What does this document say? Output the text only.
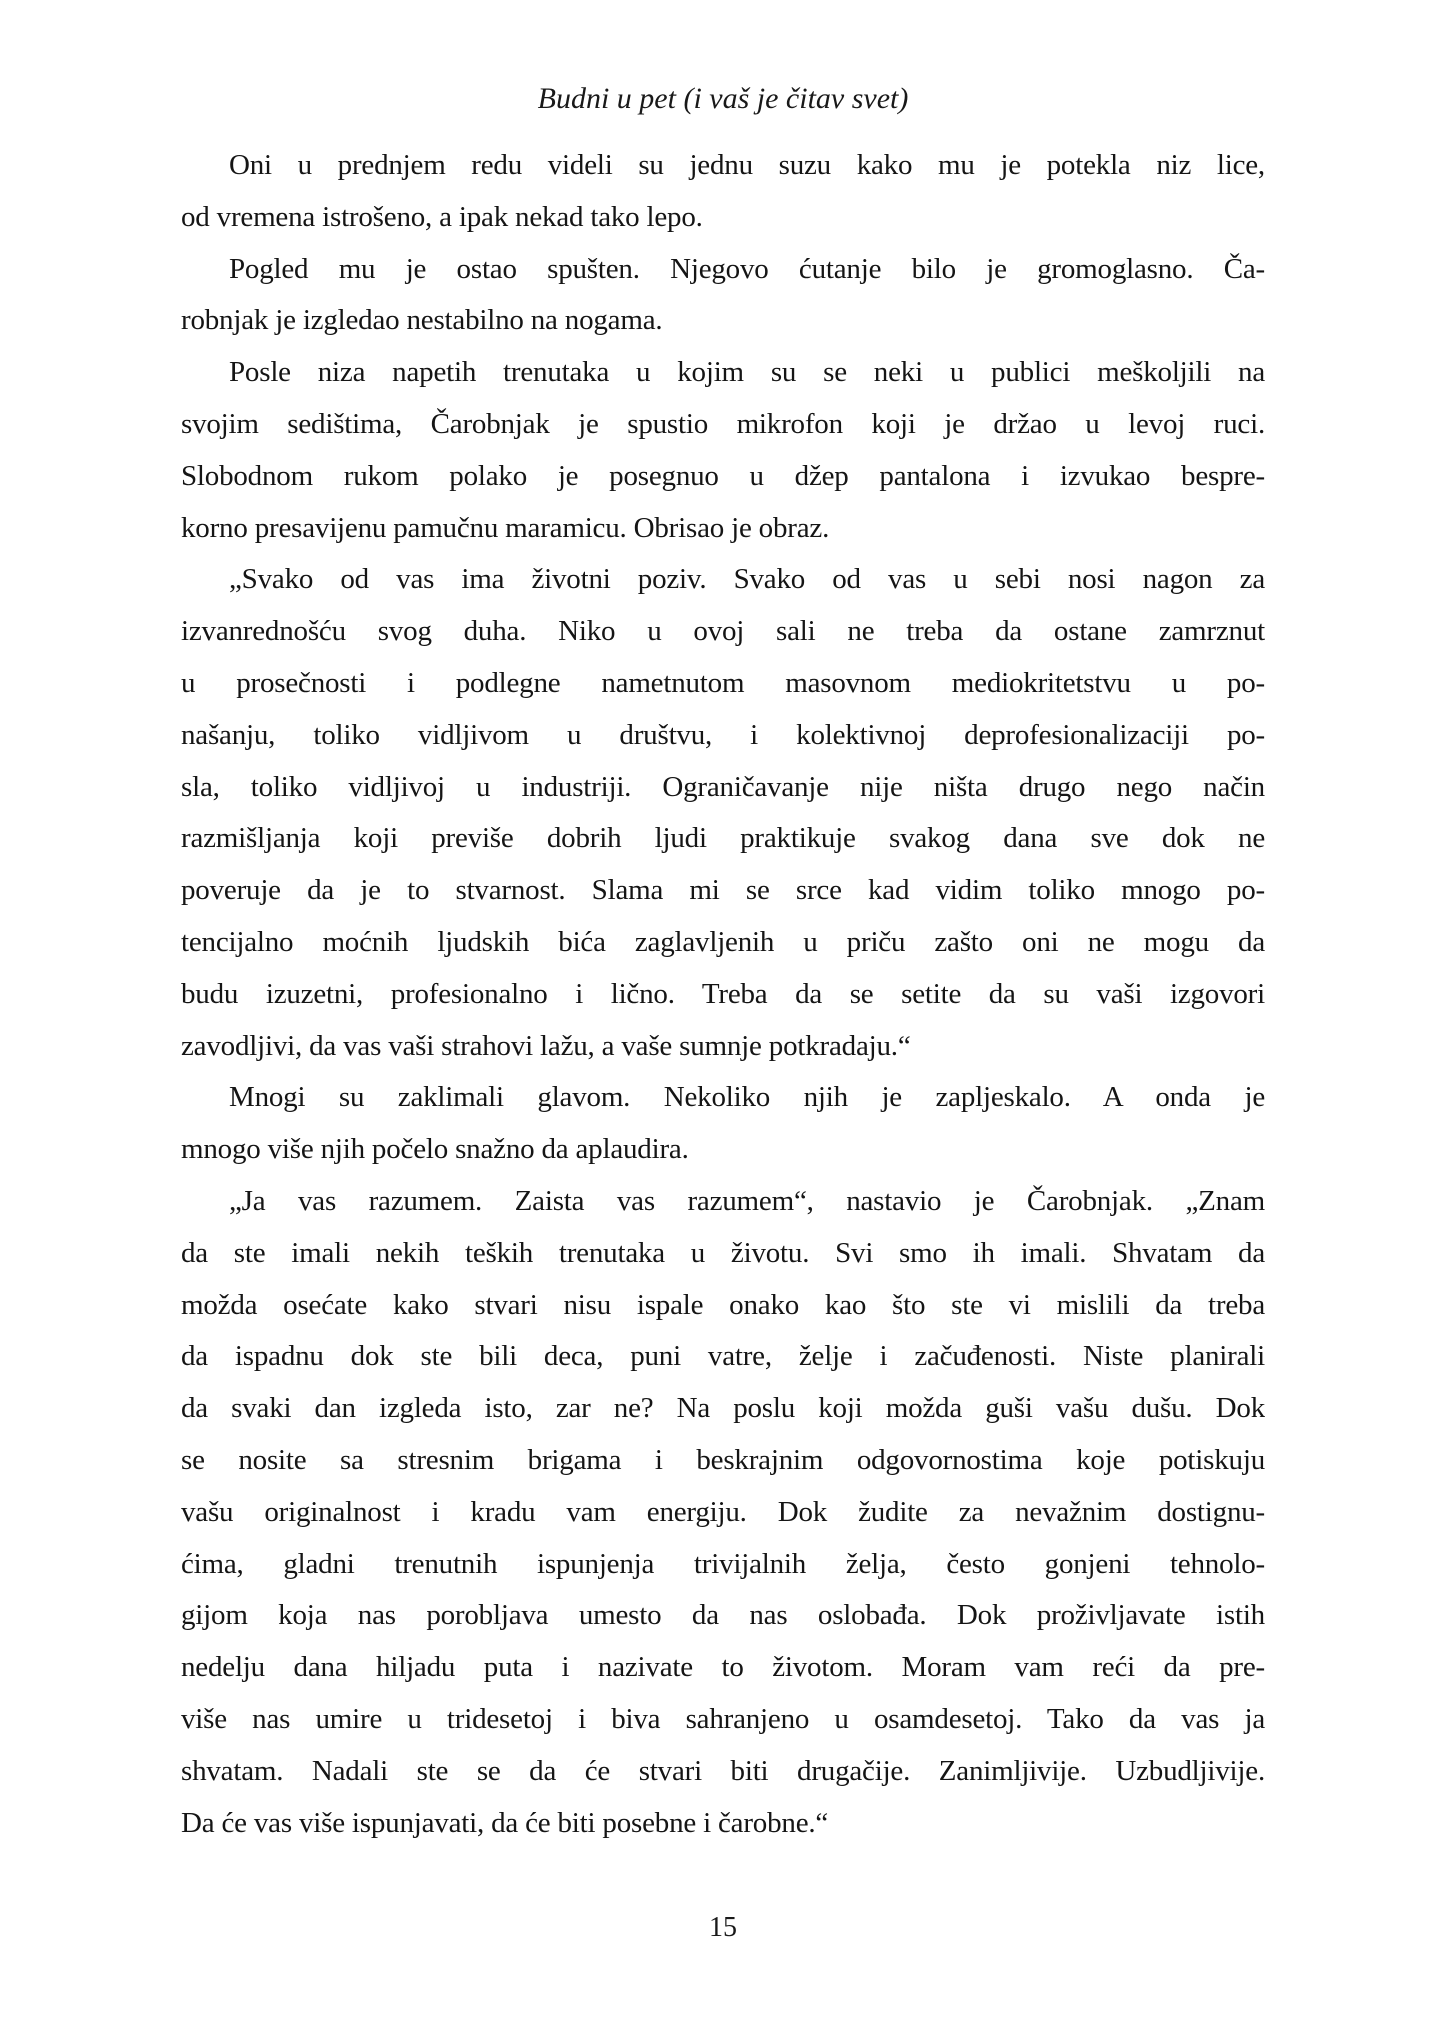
Budni u pet (i vaš je čitav svet)
Oni u prednjem redu videli su jednu suzu kako mu je potekla niz lice,
od vremena istrošeno, a ipak nekad tako lepo.
Pogled mu je ostao spušten. Njegovo ćutanje bilo je gromoglasno. Ča-
robnjak je izgledao nestabilno na nogama.
Posle niza napetih trenutaka u kojim su se neki u publici meškoljili na
svojim sedištima, Čarobnjak je spustio mikrofon koji je držao u levoj ruci.
Slobodnom rukom polako je posegnuo u džep pantalona i izvukao bespre-
korno presavijenu pamučnu maramicu. Obrisao je obraz.
„Svako od vas ima životni poziv. Svako od vas u sebi nosi nagon za
izvanrednošću svog duha. Niko u ovoj sali ne treba da ostane zamrznut
u prosečnosti i podlegne nametnutom masovnom mediokritetstvu u po-
našanju, toliko vidljivom u društvu, i kolektivnoj deprofesionalizaciji po-
sla, toliko vidljivoj u industriji. Ograničavanje nije ništa drugo nego način
razmišljanja koji previše dobrih ljudi praktikuje svakog dana sve dok ne
poveruje da je to stvarnost. Slama mi se srce kad vidim toliko mnogo po-
tencijalno moćnih ljudskih bića zaglavljenih u priču zašto oni ne mogu da
budu izuzetni, profesionalno i lično. Treba da se setite da su vaši izgovori
zavodljivi, da vas vaši strahovi lažu, a vaše sumnje potkradaju.“
Mnogi su zaklimali glavom. Nekoliko njih je zapljeskalo. A onda je
mnogo više njih počelo snažno da aplaudira.
„Ja vas razumem. Zaista vas razumem“, nastavio je Čarobnjak. „Znam
da ste imali nekih teških trenutaka u životu. Svi smo ih imali. Shvatam da
možda osećate kako stvari nisu ispale onako kao što ste vi mislili da treba
da ispadnu dok ste bili deca, puni vatre, želje i začuđenosti. Niste planirali
da svaki dan izgleda isto, zar ne? Na poslu koji možda guši vašu dušu. Dok
se nosite sa stresnim brigama i beskrajnim odgovornostima koje potiskuju
vašu originalnost i kradu vam energiju. Dok žudite za nevažnim dostignu-
ćima, gladni trenutnih ispunjenja trivijalnih želja, često gonjeni tehnolo-
gijom koja nas porobljava umesto da nas oslobađa. Dok proživljavate istih
nedelju dana hiljadu puta i nazivate to životom. Moram vam reći da pre-
više nas umire u tridesetoj i biva sahranjeno u osamdesetoj. Tako da vas ja
shvatam. Nadali ste se da će stvari biti drugačije. Zanimljivije. Uzbudljivije.
Da će vas više ispunjavati, da će biti posebne i čarobne.“
15
